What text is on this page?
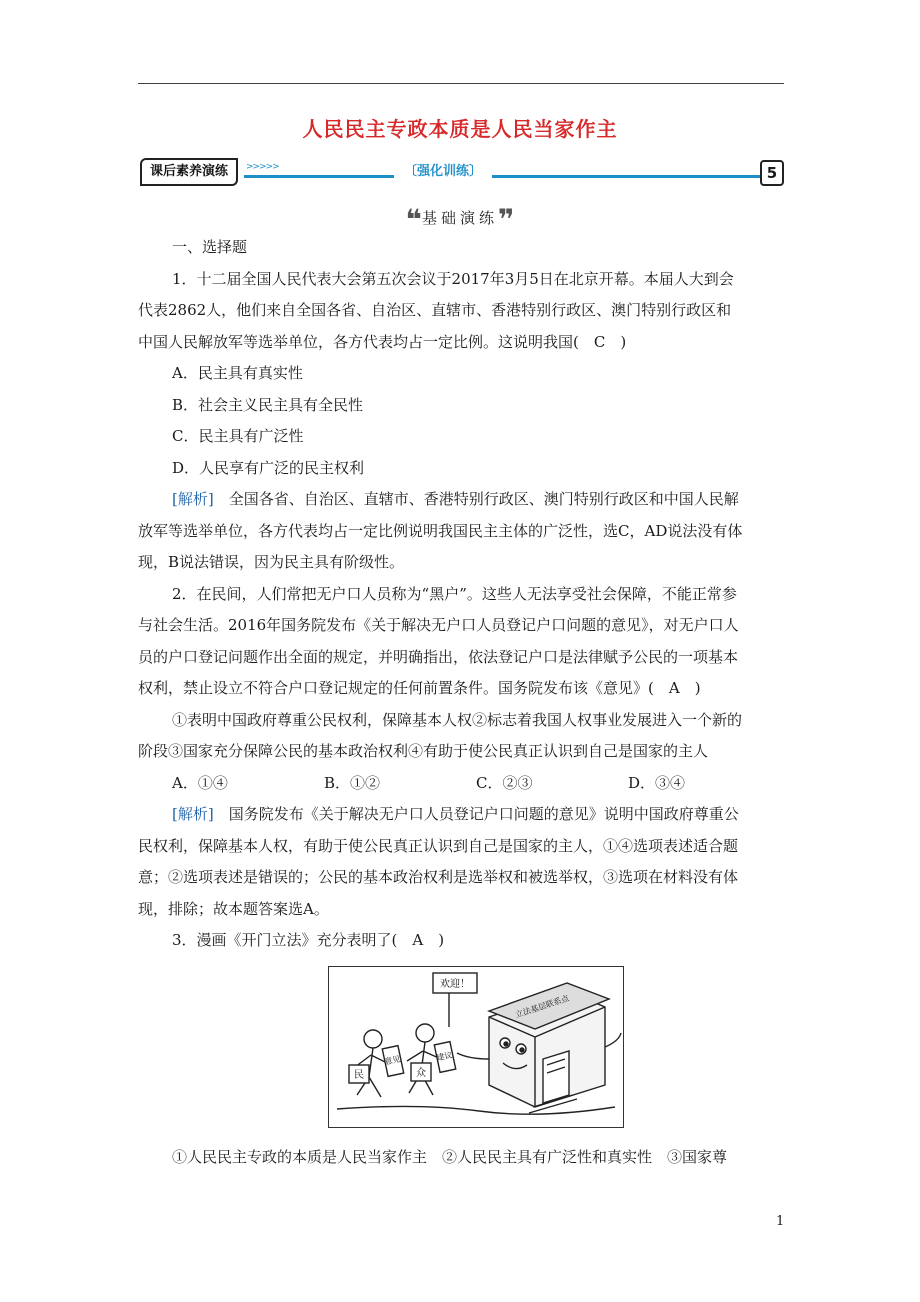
人民民主专政本质是人民当家作主
课后素养演练	>>>>>	〔强化训练〕	5
❝基础演练❞
一、选择题
1．十二届全国人民代表大会第五次会议于2017年3月5日在北京开幕。本届人大到会
代表2862人，他们来自全国各省、自治区、直辖市、香港特别行政区、澳门特别行政区和
中国人民解放军等选举单位，各方代表均占一定比例。这说明我国(　C　)
A．民主具有真实性
B．社会主义民主具有全民性
C．民主具有广泛性
D．人民享有广泛的民主权利
[解析]　全国各省、自治区、直辖市、香港特别行政区、澳门特别行政区和中国人民解
放军等选举单位，各方代表均占一定比例说明我国民主主体的广泛性，选C，AD说法没有体
现，B说法错误，因为民主具有阶级性。
2．在民间，人们常把无户口人员称为“黑户”。这些人无法享受社会保障，不能正常参
与社会生活。2016年国务院发布《关于解决无户口人员登记户口问题的意见》，对无户口人
员的户口登记问题作出全面的规定，并明确指出，依法登记户口是法律赋予公民的一项基本
权利，禁止设立不符合户口登记规定的任何前置条件。国务院发布该《意见》(　A　)
①表明中国政府尊重公民权利，保障基本人权②标志着我国人权事业发展进入一个新的
阶段③国家充分保障公民的基本政治权利④有助于使公民真正认识到自己是国家的主人
A．①④	B．①②	C．②③	D．③④
[解析]　国务院发布《关于解决无户口人员登记户口问题的意见》说明中国政府尊重公
民权利，保障基本人权，有助于使公民真正认识到自己是国家的主人，①④选项表述适合题
意；②选项表述是错误的；公民的基本政治权利是选举权和被选举权，③选项在材料没有体
现，排除；故本题答案选A。
3．漫画《开门立法》充分表明了(　A　)
欢迎！
立法基层联系点
民	众
意见	建议
①人民民主专政的本质是人民当家作主　②人民民主具有广泛性和真实性　③国家尊
1
